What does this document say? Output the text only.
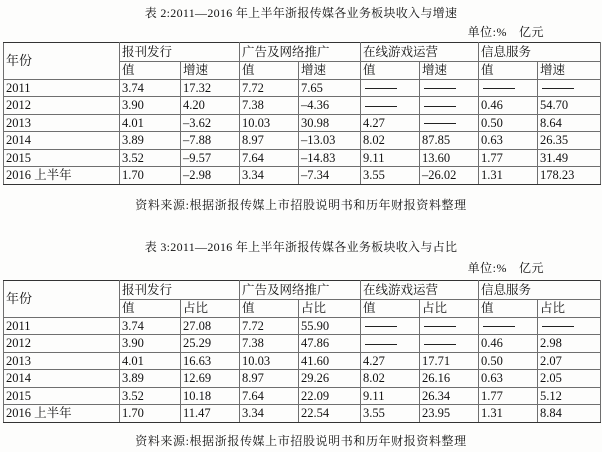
表 2:2011—2016 年上半年浙报传媒各业务板块收入与增速
单位:% 亿元
年份	报刊发行		广告及网络推广		在线游戏运营		信息服务	
	值	增速	值	增速	值	增速	值	增速
2011	3.74	17.32	7.72	7.65				
2012	3.90	4.20	7.38	–4.36			0.46	54.70
2013	4.01	–3.62	10.03	30.98	4.27		0.50	8.64
2014	3.89	–7.88	8.97	–13.03	8.02	87.85	0.63	26.35
2015	3.52	–9.57	7.64	–14.83	9.11	13.60	1.77	31.49
2016 上半年	1.70	–2.98	3.34	–7.34	3.55	–26.02	1.31	178.23
资料来源:根据浙报传媒上市招股说明书和历年财报资料整理
表 3:2011—2016 年上半年浙报传媒各业务板块收入与占比
单位:% 亿元
年份	报刊发行		广告及网络推广		在线游戏运营		信息服务	
	值	占比	值	占比	值	占比	值	占比
2011	3.74	27.08	7.72	55.90				
2012	3.90	25.29	7.38	47.86			0.46	2.98
2013	4.01	16.63	10.03	41.60	4.27	17.71	0.50	2.07
2014	3.89	12.69	8.97	29.26	8.02	26.16	0.63	2.05
2015	3.52	10.18	7.64	22.09	9.11	26.34	1.77	5.12
2016 上半年	1.70	11.47	3.34	22.54	3.55	23.95	1.31	8.84
资料来源:根据浙报传媒上市招股说明书和历年财报资料整理
